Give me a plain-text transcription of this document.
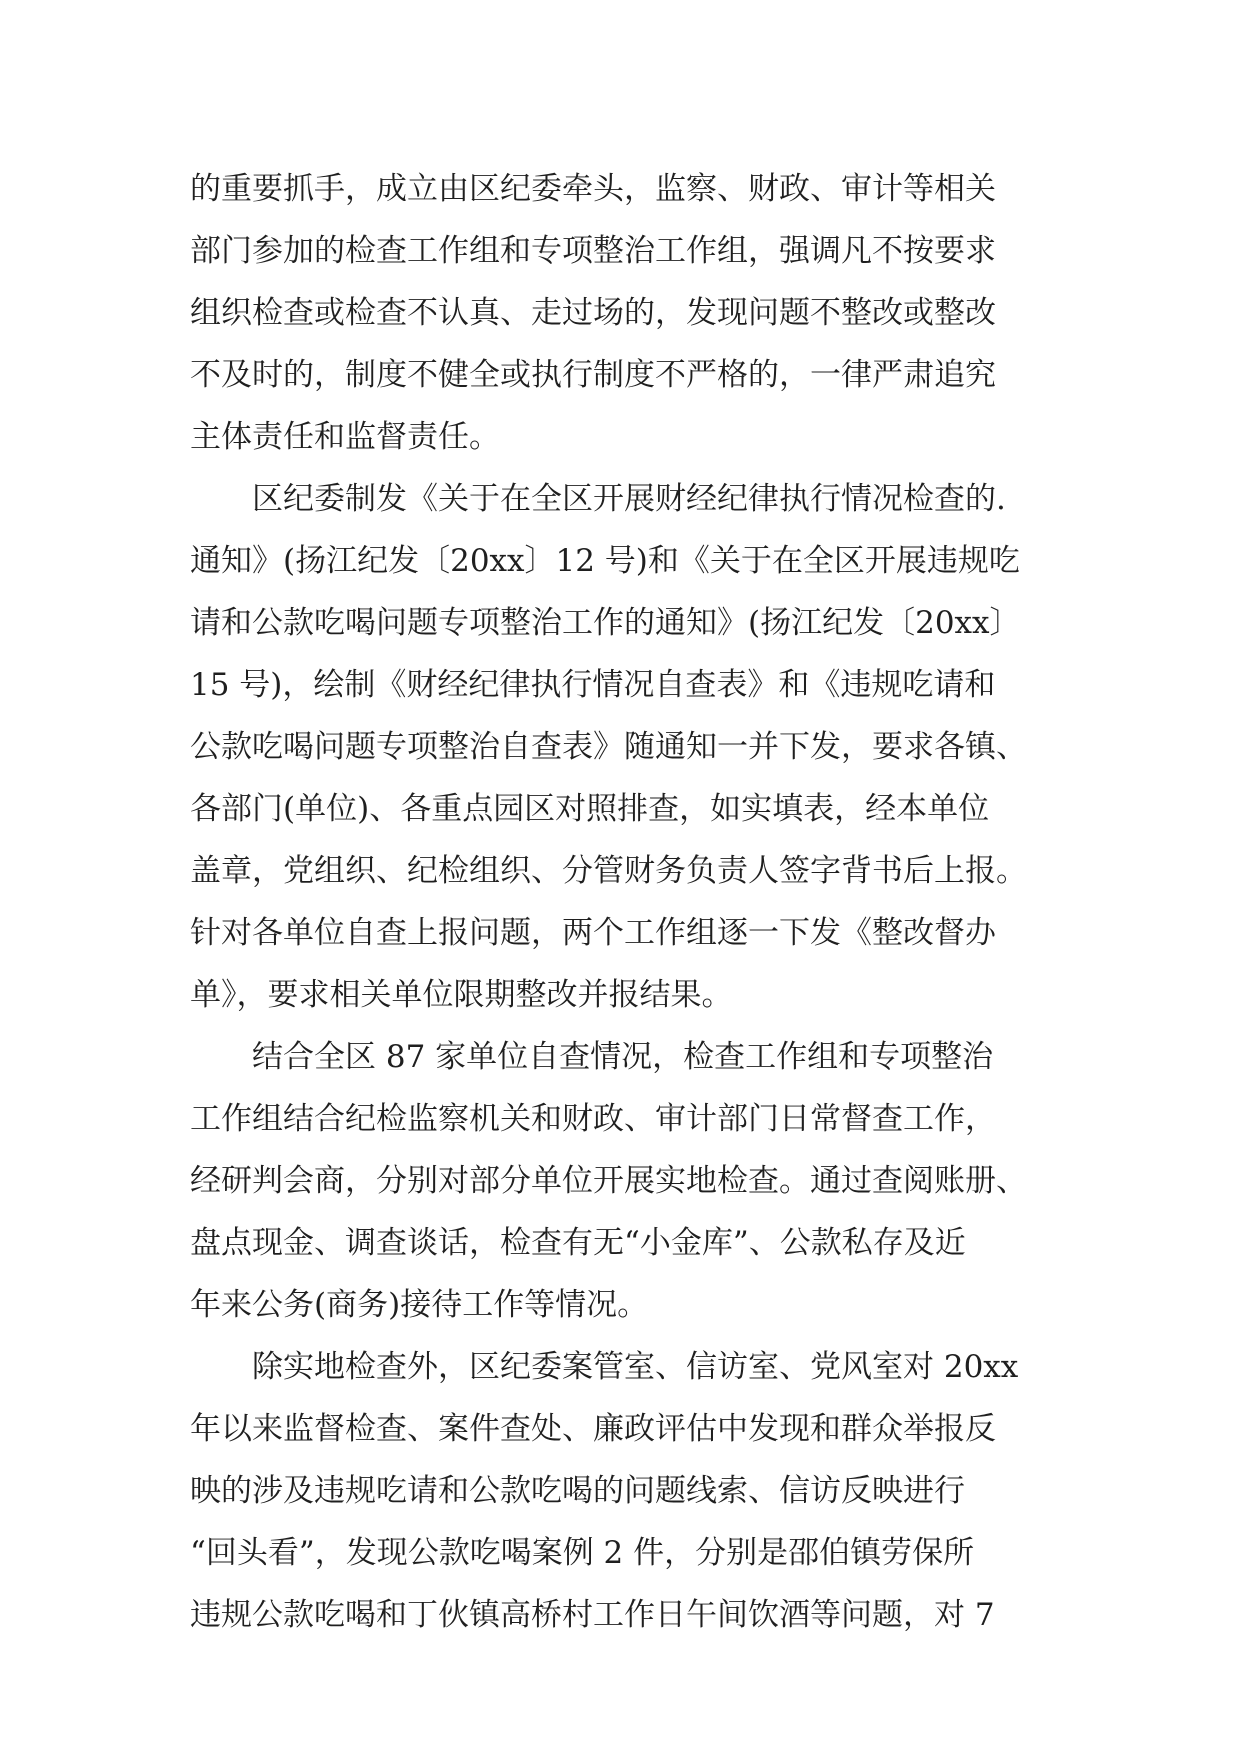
的重要抓手，成立由区纪委牵头，监察、财政、审计等相关
部门参加的检查工作组和专项整治工作组，强调凡不按要求
组织检查或检查不认真、走过场的，发现问题不整改或整改
不及时的，制度不健全或执行制度不严格的，一律严肃追究
主体责任和监督责任。
　　区纪委制发《关于在全区开展财经纪律执行情况检查的.
通知》(扬江纪发〔20xx〕12 号)和《关于在全区开展违规吃
请和公款吃喝问题专项整治工作的通知》(扬江纪发〔20xx〕
15 号)，绘制《财经纪律执行情况自查表》和《违规吃请和
公款吃喝问题专项整治自查表》随通知一并下发，要求各镇、
各部门(单位)、各重点园区对照排查，如实填表，经本单位
盖章，党组织、纪检组织、分管财务负责人签字背书后上报。
针对各单位自查上报问题，两个工作组逐一下发《整改督办
单》，要求相关单位限期整改并报结果。
　　结合全区 87 家单位自查情况，检查工作组和专项整治
工作组结合纪检监察机关和财政、审计部门日常督查工作，
经研判会商，分别对部分单位开展实地检查。通过查阅账册、
盘点现金、调查谈话，检查有无“小金库”、公款私存及近
年来公务(商务)接待工作等情况。
　　除实地检查外，区纪委案管室、信访室、党风室对 20xx
年以来监督检查、案件查处、廉政评估中发现和群众举报反
映的涉及违规吃请和公款吃喝的问题线索、信访反映进行
“回头看”，发现公款吃喝案例 2 件，分别是邵伯镇劳保所
违规公款吃喝和丁伙镇高桥村工作日午间饮酒等问题，对 7
